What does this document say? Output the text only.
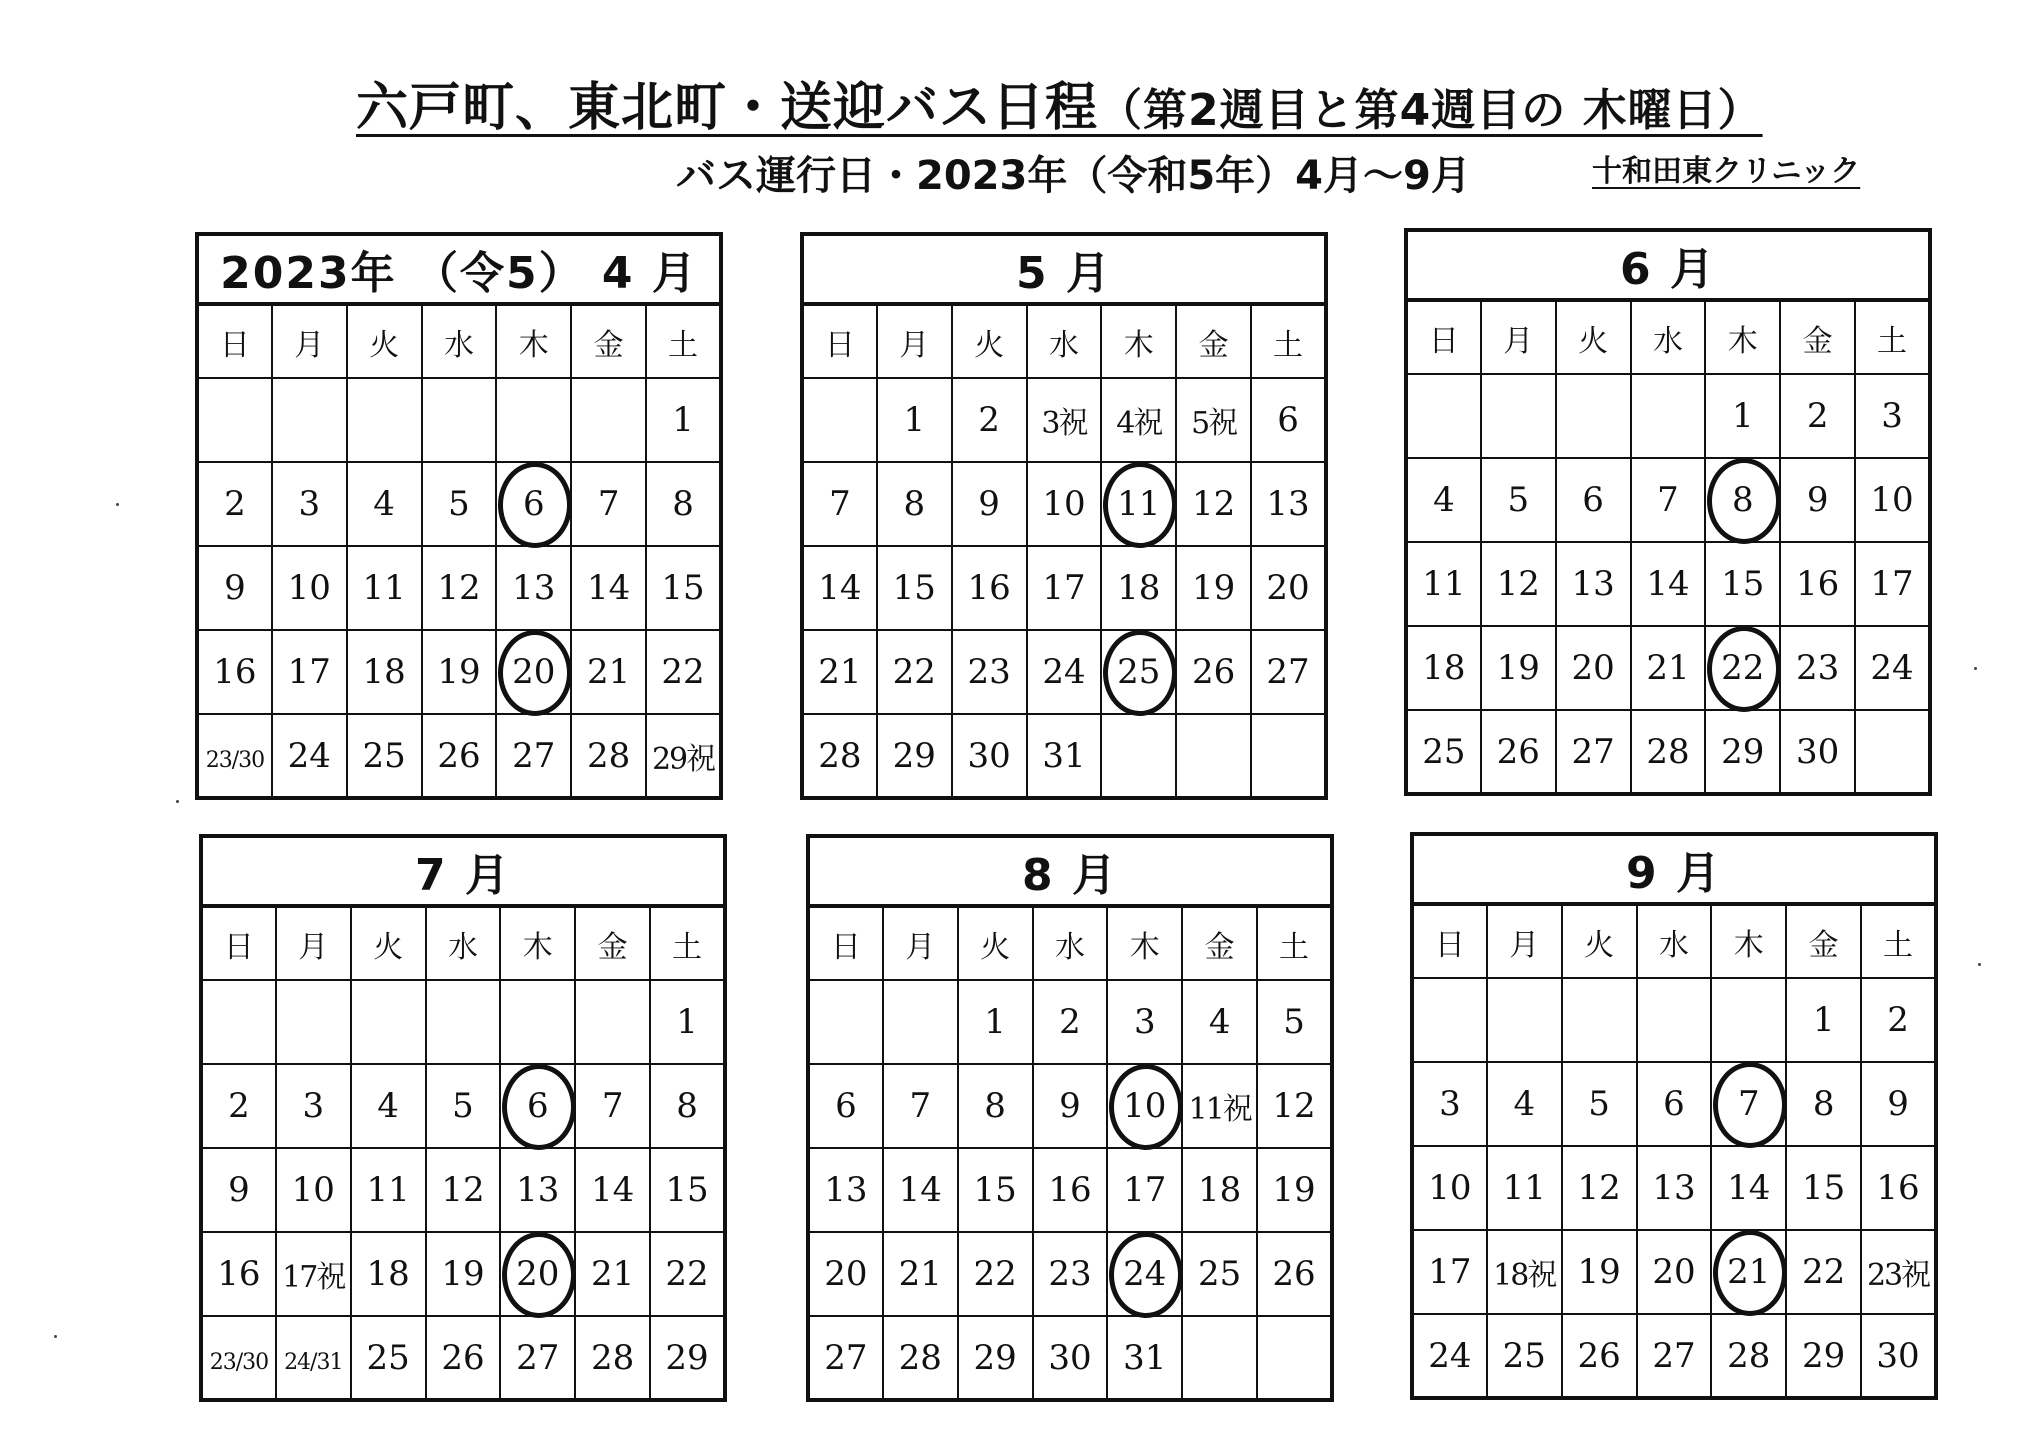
六戸町、東北町・送迎バス日程（第2週目と第4週目の 木曜日）
バス運行日・2023年（令和5年）4月〜9月	十和田東クリニック
2023年 （令5） 4 月						
日	月	火	水	木	金	土
						1
2	3	4	5	6	7	8
9	10	11	12	13	14	15
16	17	18	19	20	21	22
23/30	24	25	26	27	28	29祝
5 月						
日	月	火	水	木	金	土
	1	2	3祝	4祝	5祝	6
7	8	9	10	11	12	13
14	15	16	17	18	19	20
21	22	23	24	25	26	27
28	29	30	31			
6 月						
日	月	火	水	木	金	土
				1	2	3
4	5	6	7	8	9	10
11	12	13	14	15	16	17
18	19	20	21	22	23	24
25	26	27	28	29	30	
7 月						
日	月	火	水	木	金	土
						1
2	3	4	5	6	7	8
9	10	11	12	13	14	15
16	17祝	18	19	20	21	22
23/30	24/31	25	26	27	28	29
8 月						
日	月	火	水	木	金	土
		1	2	3	4	5
6	7	8	9	10	11祝	12
13	14	15	16	17	18	19
20	21	22	23	24	25	26
27	28	29	30	31		
9 月						
日	月	火	水	木	金	土
					1	2
3	4	5	6	7	8	9
10	11	12	13	14	15	16
17	18祝	19	20	21	22	23祝
24	25	26	27	28	29	30
